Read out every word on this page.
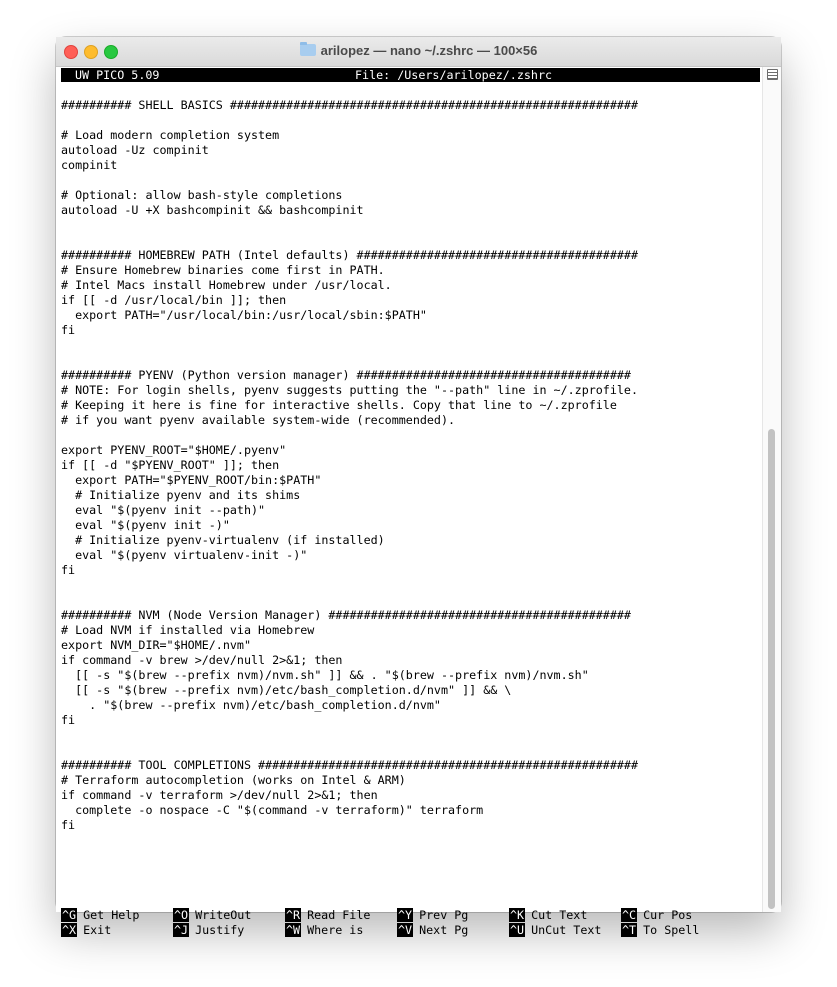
arilopez — nano ~/.zshrc — 100×56

UW PICO 5.09

	File: /Users/arilopez/.zshrc

########## SHELL BASICS ##########################################################

# Load modern completion system
autoload -Uz compinit
compinit

# Optional: allow bash-style completions
autoload -U +X bashcompinit && bashcompinit

########## HOMEBREW PATH (Intel defaults) ########################################
# Ensure Homebrew binaries come first in PATH.
# Intel Macs install Homebrew under /usr/local.
if [[ -d /usr/local/bin ]]; then
export PATH="/usr/local/bin:/usr/local/sbin:$PATH"
fi

########## PYENV (Python version manager) #######################################
# NOTE: For login shells, pyenv suggests putting the "--path" line in ~/.zprofile.
# Keeping it here is fine for interactive shells. Copy that line to ~/.zprofile
# if you want pyenv available system-wide (recommended).

export PYENV_ROOT="$HOME/.pyenv"
if [[ -d "$PYENV_ROOT" ]]; then
export PATH="$PYENV_ROOT/bin:$PATH"
# Initialize pyenv and its shims
eval "$(pyenv init --path)"
eval "$(pyenv init -)"
# Initialize pyenv-virtualenv (if installed)
eval "$(pyenv virtualenv-init -)"
fi

########## NVM (Node Version Manager) ###########################################
# Load NVM if installed via Homebrew
export NVM_DIR="$HOME/.nvm"
if command -v brew >/dev/null 2>&1; then
[[ -s "$(brew --prefix nvm)/nvm.sh" ]] && . "$(brew --prefix nvm)/nvm.sh"
[[ -s "$(brew --prefix nvm)/etc/bash_completion.d/nvm" ]] && \
. "$(brew --prefix nvm)/etc/bash_completion.d/nvm"
fi

########## TOOL COMPLETIONS ######################################################
# Terraform autocompletion (works on Intel & ARM)
if command -v terraform >/dev/null 2>&1; then
complete -o nospace -C "$(command -v terraform)" terraform
fi

^G Get Help	^O WriteOut	^R Read File ^Y Prev Pg	^K Cut Text	^C Cur Pos
^X Exit	^J Justify	^W Where is	^V Next Pg	^U UnCut Text ^T To Spell
